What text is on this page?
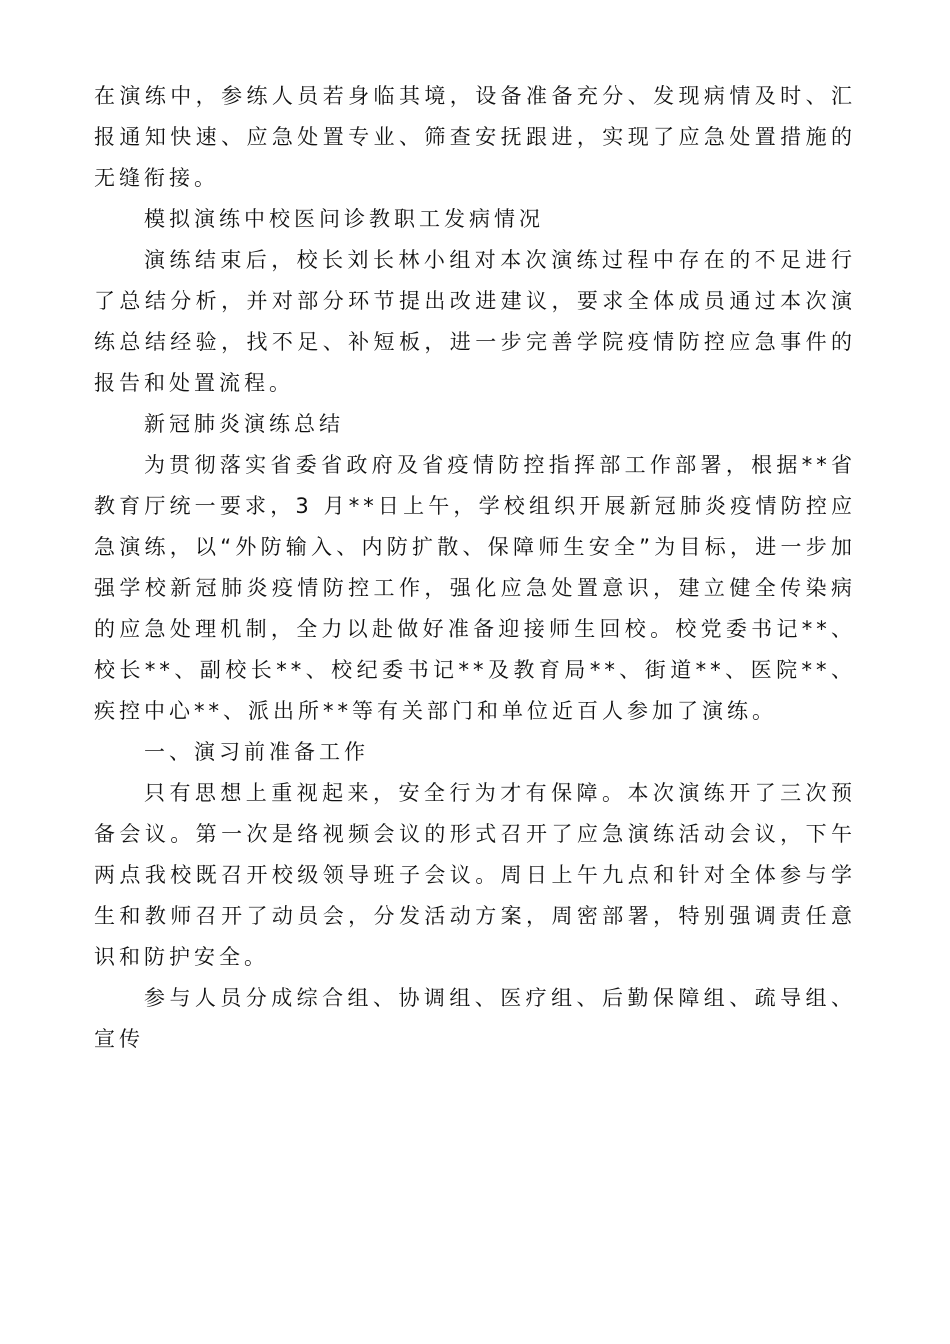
在演练中，参练人员若身临其境，设备准备充分、发现病情及时、汇报通知快速、应急处置专业、筛查安抚跟进，实现了应急处置措施的无缝衔接。

模拟演练中校医问诊教职工发病情况

演练结束后，校长刘长林小组对本次演练过程中存在的不足进行了总结分析，并对部分环节提出改进建议，要求全体成员通过本次演练总结经验，找不足、补短板，进一步完善学院疫情防控应急事件的报告和处置流程。

新冠肺炎演练总结

为贯彻落实省委省政府及省疫情防控指挥部工作部署，根据**省教育厅统一要求，3 月**日上午，学校组织开展新冠肺炎疫情防控应急演练，以“外防输入、内防扩散、保障师生安全”为目标，进一步加强学校新冠肺炎疫情防控工作，强化应急处置意识，建立健全传染病的应急处理机制，全力以赴做好准备迎接师生回校。校党委书记**、校长**、副校长**、校纪委书记**及教育局**、街道**、医院**、疾控中心**、派出所**等有关部门和单位近百人参加了演练。

一、演习前准备工作

只有思想上重视起来，安全行为才有保障。本次演练开了三次预备会议。第一次是络视频会议的形式召开了应急演练活动会议，下午两点我校既召开校级领导班子会议。周日上午九点和针对全体参与学生和教师召开了动员会，分发活动方案，周密部署，特别强调责任意识和防护安全。

参与人员分成综合组、协调组、医疗组、后勤保障组、疏导组、宣传
